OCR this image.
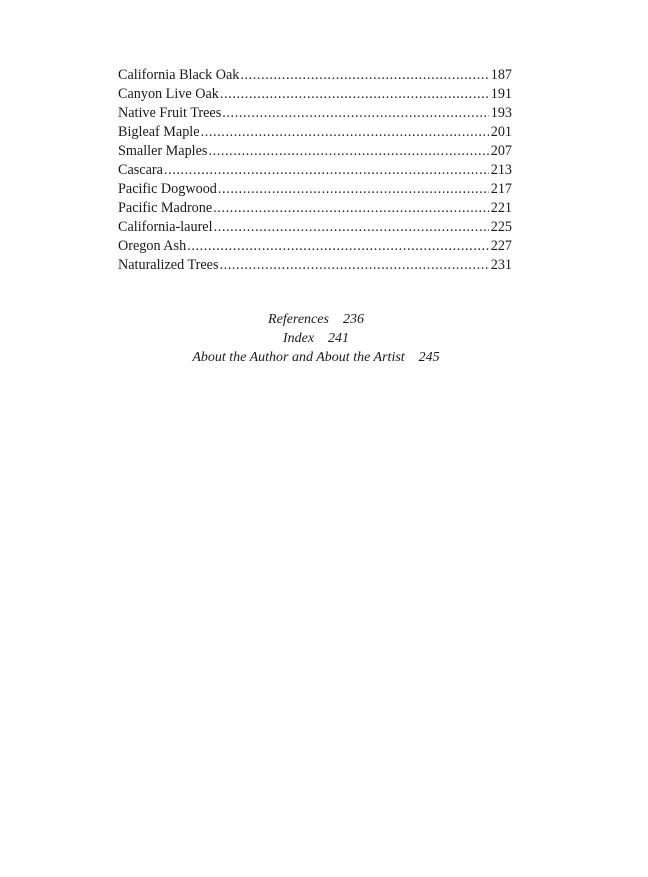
California Black Oak .....	187
Canyon Live Oak .....	191
Native Fruit Trees .....	193
Bigleaf Maple .....	201
Smaller Maples .....	207
Cascara .....	213
Pacific Dogwood .....	217
Pacific Madrone .....	221
California-laurel .....	225
Oregon Ash .....	227
Naturalized Trees .....	231
References 236
Index 241
About the Author and About the Artist 245
